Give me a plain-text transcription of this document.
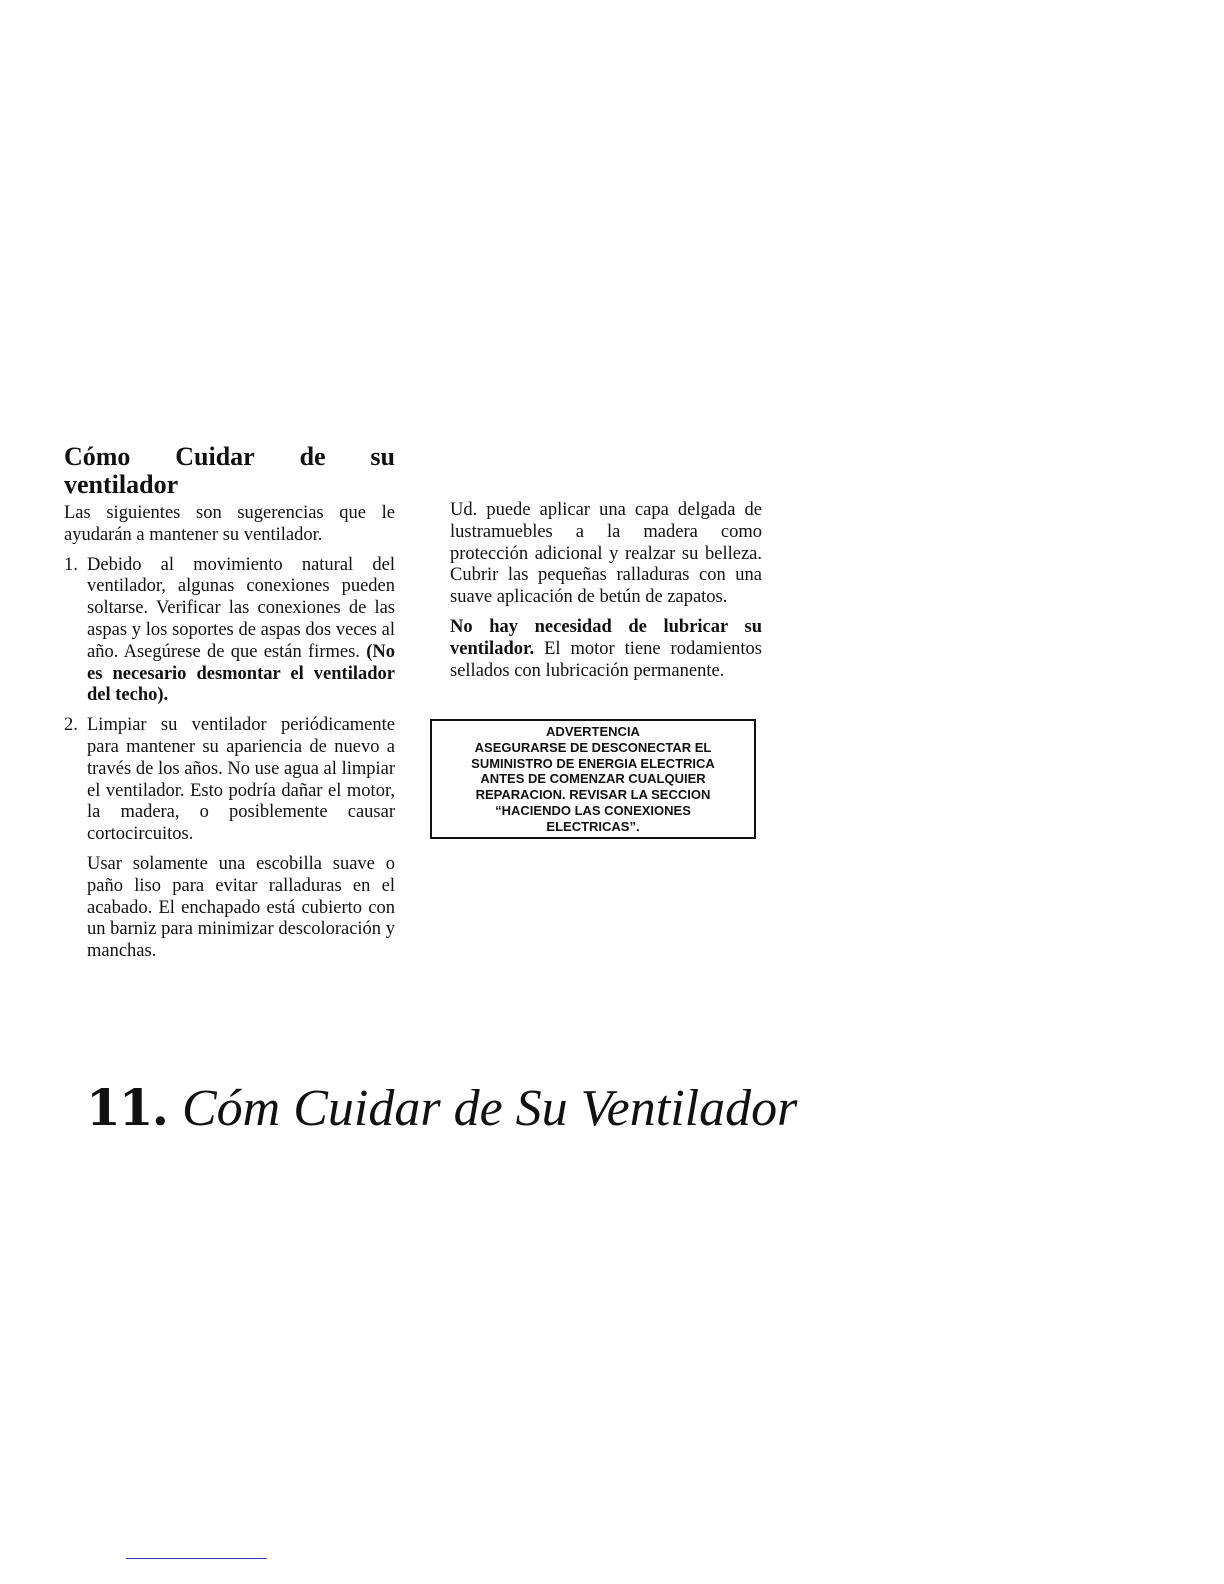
Cómo Cuidar de su
ventilador

Las siguientes son sugerencias que le ayudarán a mantener su ventilador.

1. Debido al movimiento natural del ventilador, algunas conexiones pueden soltarse. Verificar las conexiones de las aspas y los soportes de aspas dos veces al año. Asegúrese de que están firmes. (No es necesario desmontar el ventilador del techo).
2. Limpiar su ventilador periódicamente para mantener su apariencia de nuevo a través de los años. No use agua al limpiar el ventilador. Esto podría dañar el motor, la madera, o posiblemente causar cortocircuitos.

Usar solamente una escobilla suave o paño liso para evitar ralladuras en el acabado. El enchapado está cubierto con un barniz para minimizar descoloración y manchas.

Ud. puede aplicar una capa delgada de lustramuebles a la madera como protección adicional y realzar su belleza. Cubrir las pequeñas ralladuras con una suave aplicación de betún de zapatos.

No hay necesidad de lubricar su ventilador. El motor tiene rodamientos sellados con lubricación permanente.

ADVERTENCIA
ASEGURARSE DE DESCONECTAR EL
SUMINISTRO DE ENERGIA ELECTRICA
ANTES DE COMENZAR CUALQUIER
REPARACION. REVISAR LA SECCION
“HACIENDO LAS CONEXIONES
ELECTRICAS”.
11. Cóm Cuidar de Su Ventilador
